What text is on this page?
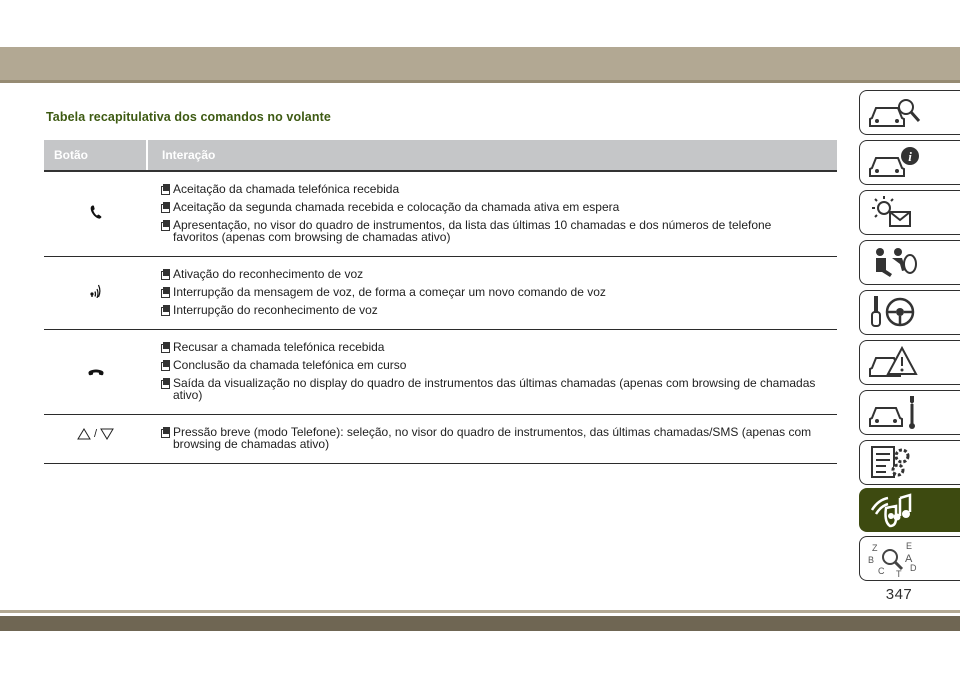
Tabela recapitulativa dos comandos no volante
Botão	Interação

Aceitação da chamada telefónica recebida
Aceitação da segunda chamada recebida e colocação da chamada ativa em espera
Apresentação, no visor do quadro de instrumentos, da lista das últimas 10 chamadas e dos números de telefone favoritos (apenas com browsing de chamadas ativo)

Ativação do reconhecimento de voz
Interrupção da mensagem de voz, de forma a começar um novo comando de voz
Interrupção do reconhecimento de voz

Recusar a chamada telefónica recebida
Conclusão da chamada telefónica em curso
Saída da visualização no display do quadro de instrumentos das últimas chamadas (apenas com browsing de chamadas ativo)

/	Pressão breve (modo Telefone): seleção, no visor do quadro de instrumentos, das últimas chamadas/SMS (apenas com browsing de chamadas ativo)
i
Z	E
B	A
C	D
T
347
